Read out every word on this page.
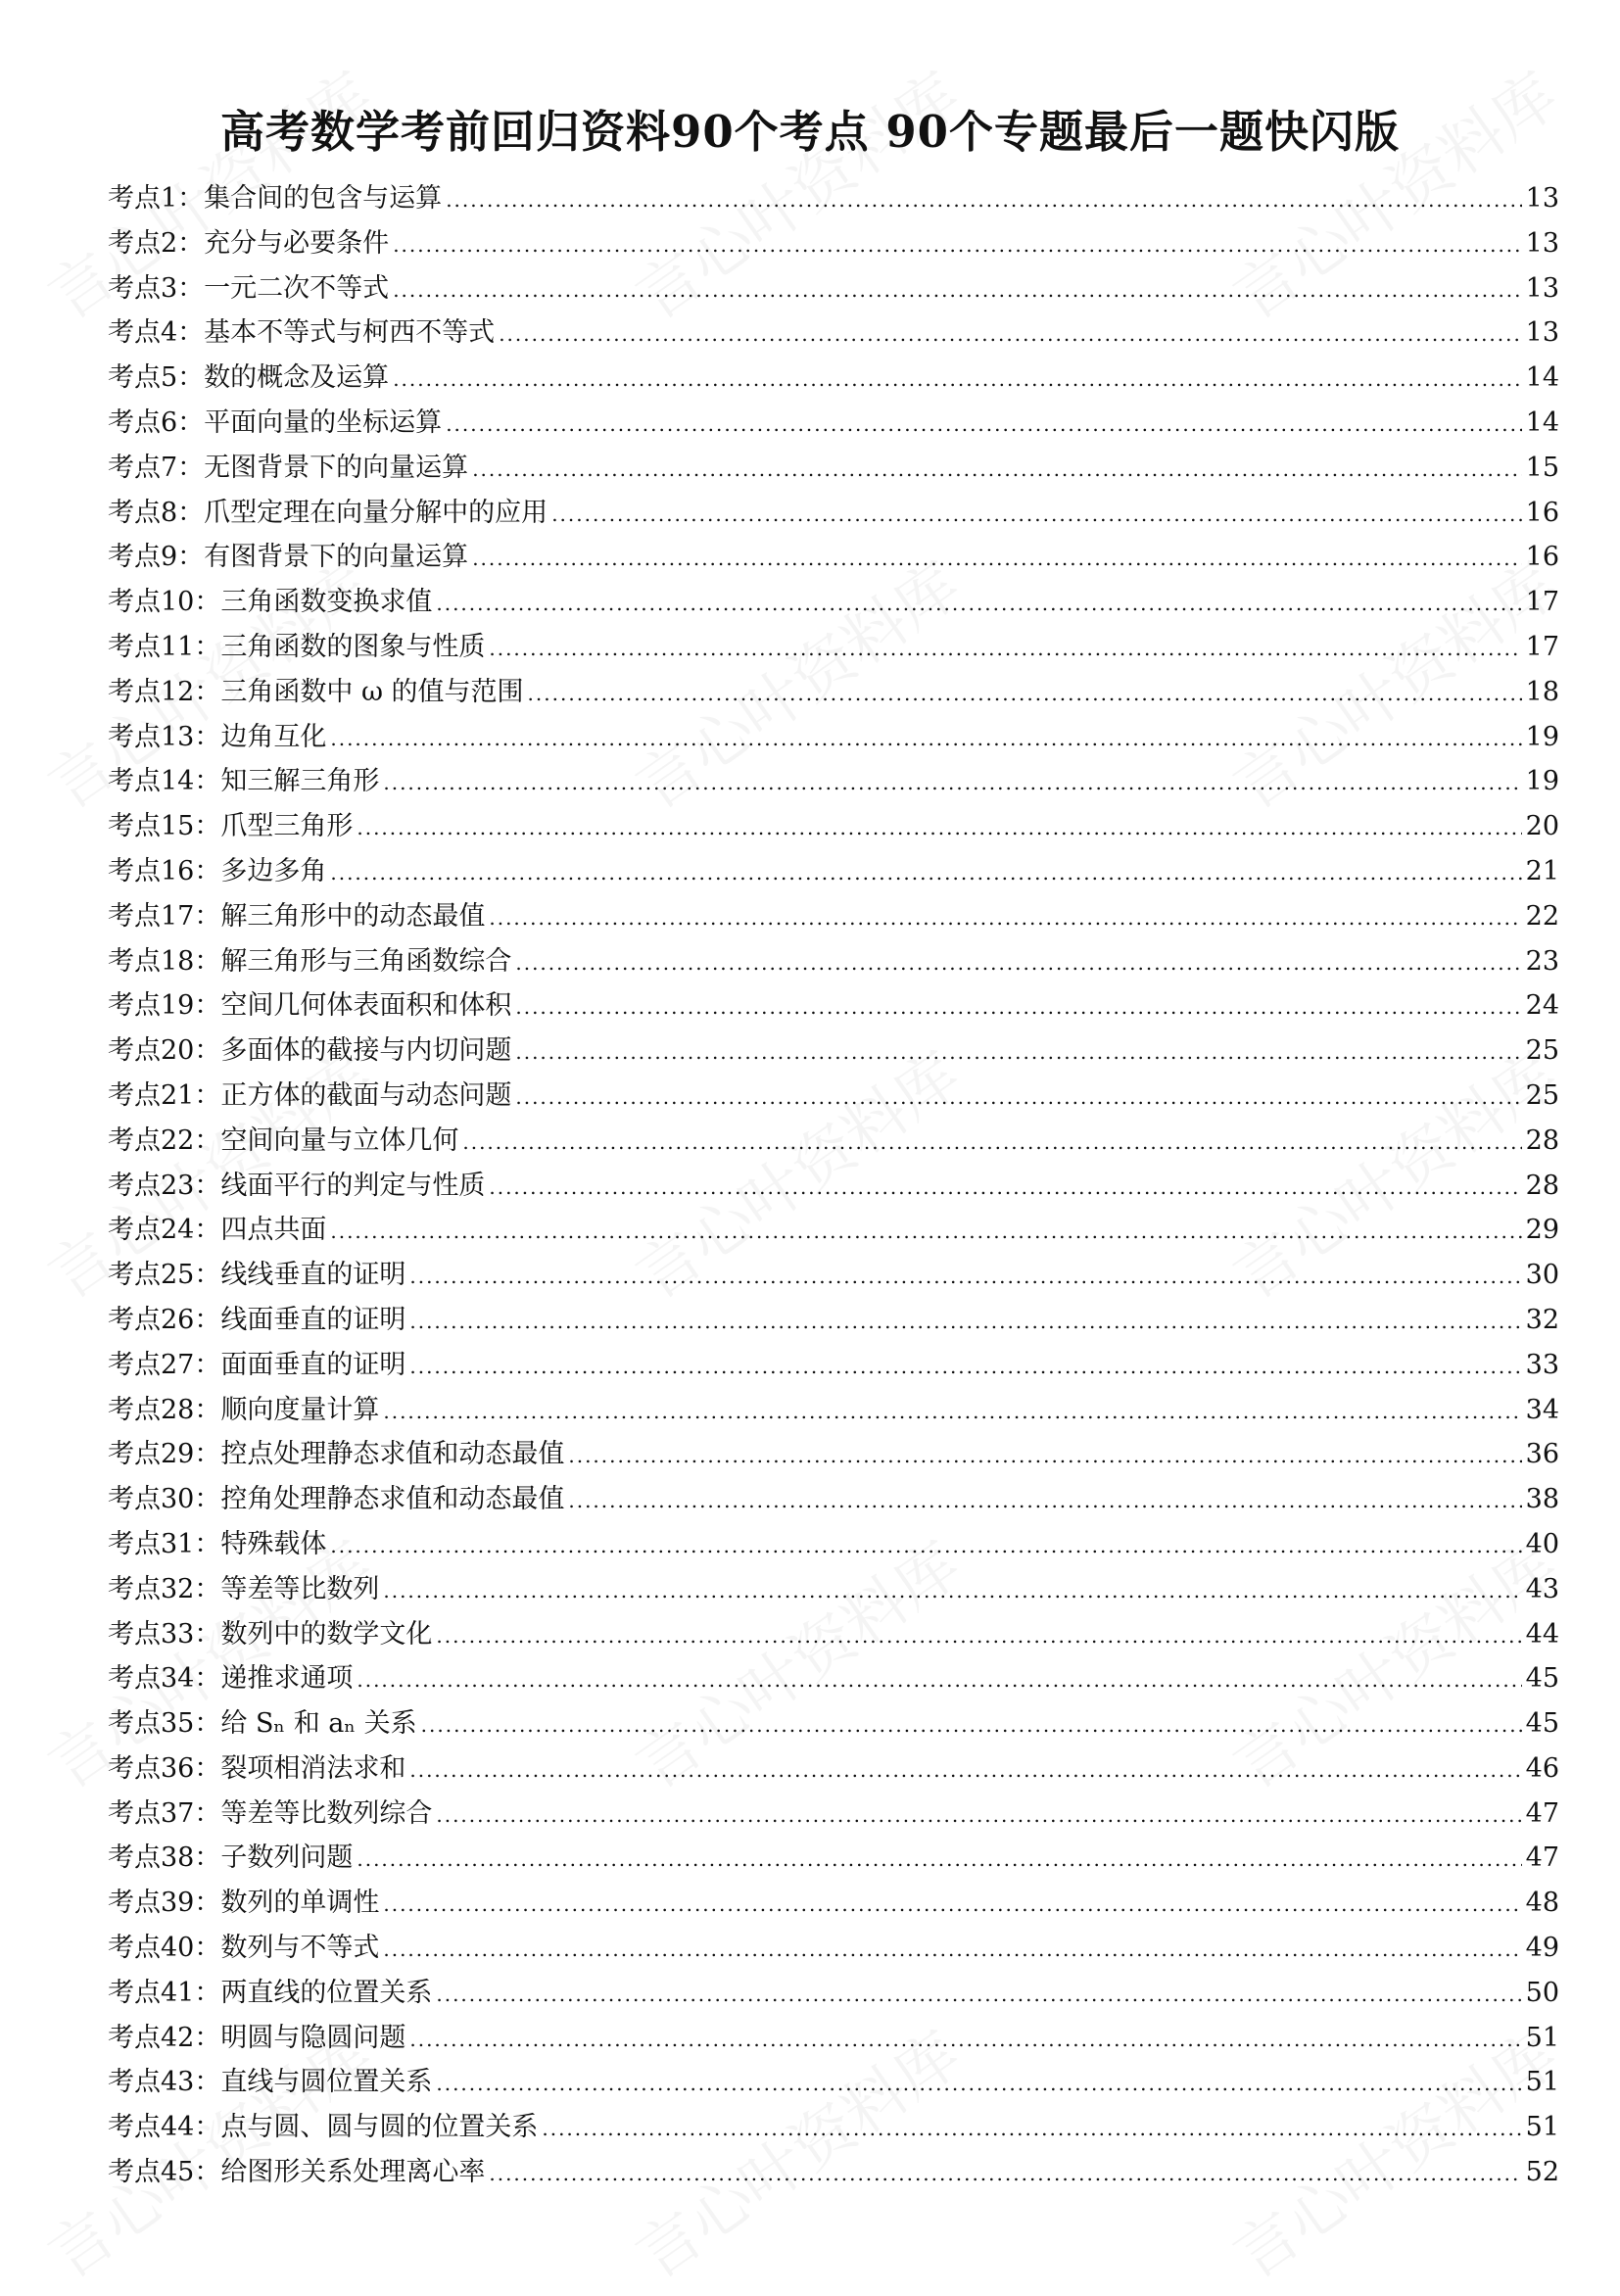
高考数学考前回归资料90个考点 90个专题最后一题快闪版
考点1：集合间的包含与运算 .....	13
考点2：充分与必要条件 .....	13
考点3：一元二次不等式 .....	13
考点4：基本不等式与柯西不等式 .....	13
考点5：数的概念及运算 .....	14
考点6：平面向量的坐标运算 .....	14
考点7：无图背景下的向量运算 .....	15
考点8：爪型定理在向量分解中的应用 .....	16
考点9：有图背景下的向量运算 .....	16
考点10：三角函数变换求值 .....	17
考点11：三角函数的图象与性质 .....	17
考点12：三角函数中 ω 的值与范围 .....	18
考点13：边角互化 .....	19
考点14：知三解三角形 .....	19
考点15：爪型三角形 .....	20
考点16：多边多角 .....	21
考点17：解三角形中的动态最值 .....	22
考点18：解三角形与三角函数综合 .....	23
考点19：空间几何体表面积和体积 .....	24
考点20：多面体的截接与内切问题 .....	25
考点21：正方体的截面与动态问题 .....	25
考点22：空间向量与立体几何 .....	28
考点23：线面平行的判定与性质 .....	28
考点24：四点共面 .....	29
考点25：线线垂直的证明 .....	30
考点26：线面垂直的证明 .....	32
考点27：面面垂直的证明 .....	33
考点28：顺向度量计算 .....	34
考点29：控点处理静态求值和动态最值 .....	36
考点30：控角处理静态求值和动态最值 .....	38
考点31：特殊载体 .....	40
考点32：等差等比数列 .....	43
考点33：数列中的数学文化 .....	44
考点34：递推求通项 .....	45
考点35：给 Sₙ 和 aₙ 关系 .....	45
考点36：裂项相消法求和 .....	46
考点37：等差等比数列综合 .....	47
考点38：子数列问题 .....	47
考点39：数列的单调性 .....	48
考点40：数列与不等式 .....	49
考点41：两直线的位置关系 .....	50
考点42：明圆与隐圆问题 .....	51
考点43：直线与圆位置关系 .....	51
考点44：点与圆、圆与圆的位置关系 .....	51
考点45：给图形关系处理离心率 .....	52
